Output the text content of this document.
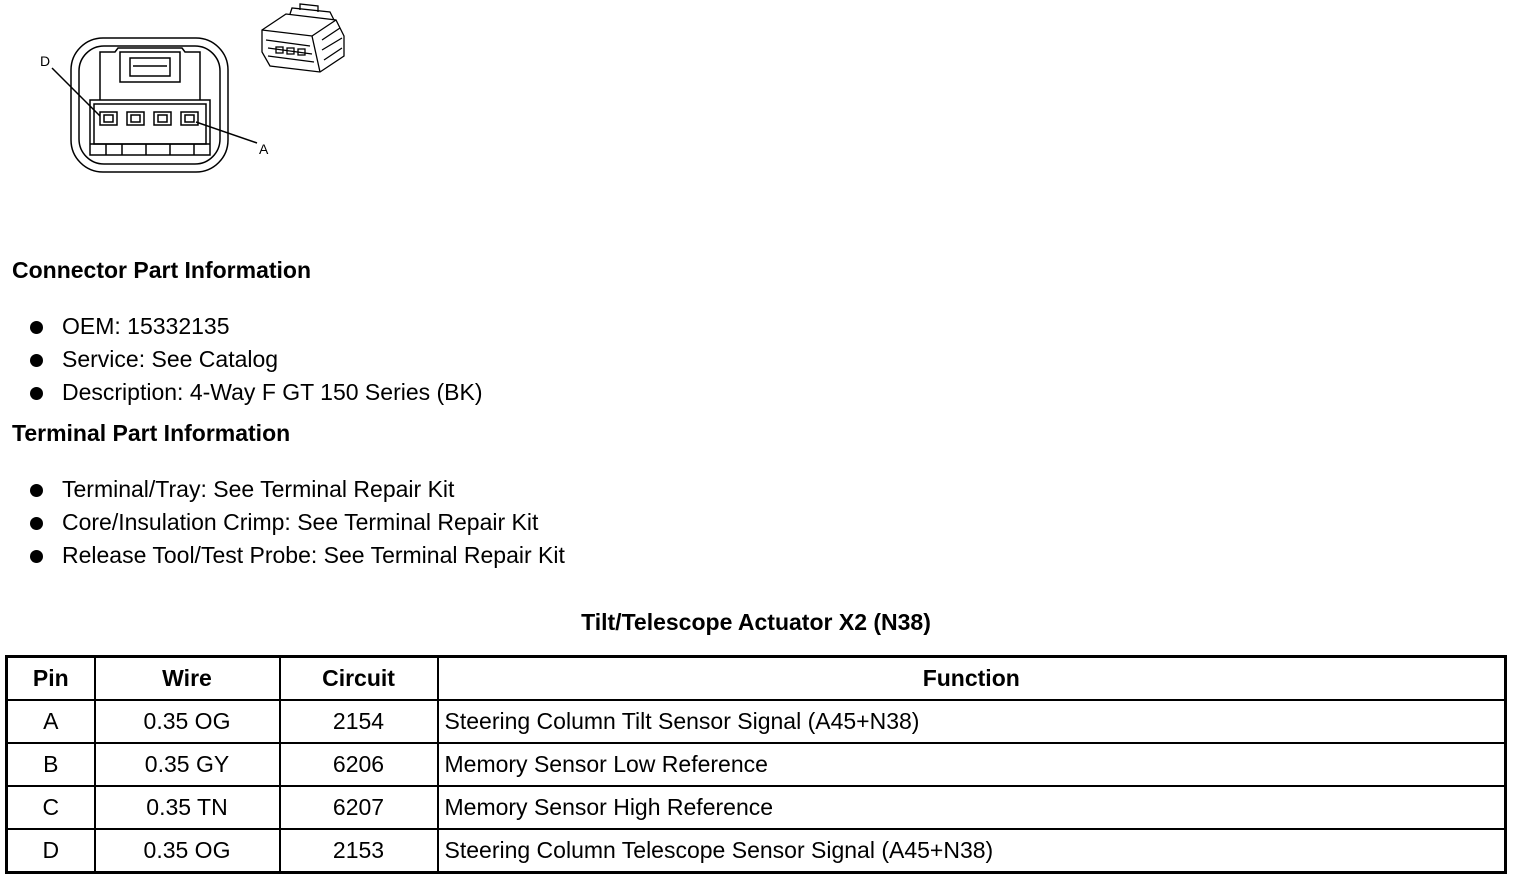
D
A
Connector Part Information
OEM: 15332135
Service: See Catalog
Description: 4-Way F GT 150 Series (BK)
Terminal Part Information
Terminal/Tray: See Terminal Repair Kit
Core/Insulation Crimp: See Terminal Repair Kit
Release Tool/Test Probe: See Terminal Repair Kit
Tilt/Telescope Actuator X2 (N38)
Pin	Wire	Circuit	Function
A	0.35 OG	2154	Steering Column Tilt Sensor Signal (A45+N38)
B	0.35 GY	6206	Memory Sensor Low Reference
C	0.35 TN	6207	Memory Sensor High Reference
D	0.35 OG	2153	Steering Column Telescope Sensor Signal (A45+N38)
